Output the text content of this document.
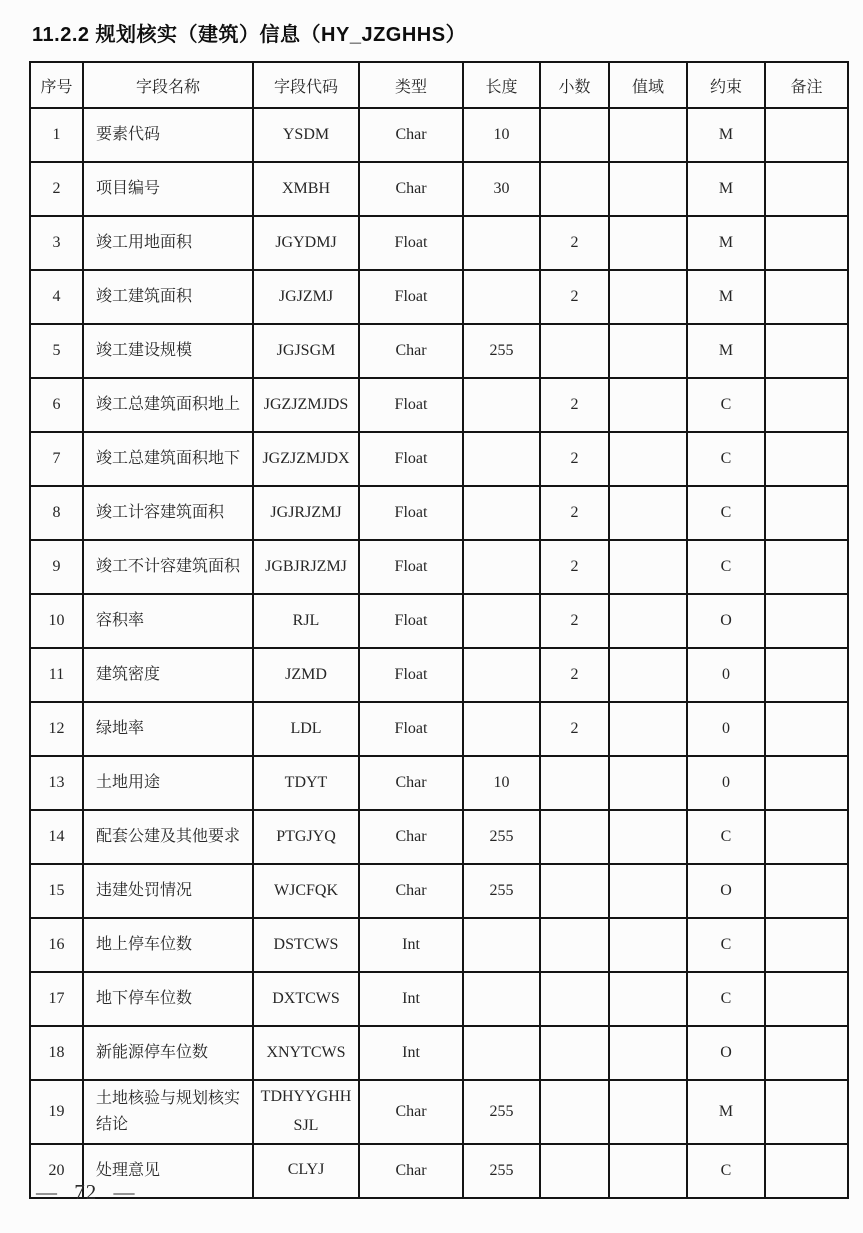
11.2.2 规划核实（建筑）信息（HY_JZGHHS）
序号	字段名称	字段代码	类型	长度	小数	值域	约束	备注
1	要素代码	YSDM	Char	10			M	
2	项目编号	XMBH	Char	30			M	
3	竣工用地面积	JGYDMJ	Float		2		M	
4	竣工建筑面积	JGJZMJ	Float		2		M	
5	竣工建设规模	JGJSGM	Char	255			M	
6	竣工总建筑面积地上	JGZJZMJDS	Float		2		C	
7	竣工总建筑面积地下	JGZJZMJDX	Float		2		C	
8	竣工计容建筑面积	JGJRJZMJ	Float		2		C	
9	竣工不计容建筑面积	JGBJRJZMJ	Float		2		C	
10	容积率	RJL	Float		2		O	
11	建筑密度	JZMD	Float		2		0	
12	绿地率	LDL	Float		2		0	
13	土地用途	TDYT	Char	10			0	
14	配套公建及其他要求	PTGJYQ	Char	255			C	
15	违建处罚情况	WJCFQK	Char	255			O	
16	地上停车位数	DSTCWS	Int				C	
17	地下停车位数	DXTCWS	Int				C	
18	新能源停车位数	XNYTCWS	Int				O	
19	土地核验与规划核实结论	TDHYYGHHSJL	Char	255			M	
20	处理意见	CLYJ	Char	255			C	
— 72 —
